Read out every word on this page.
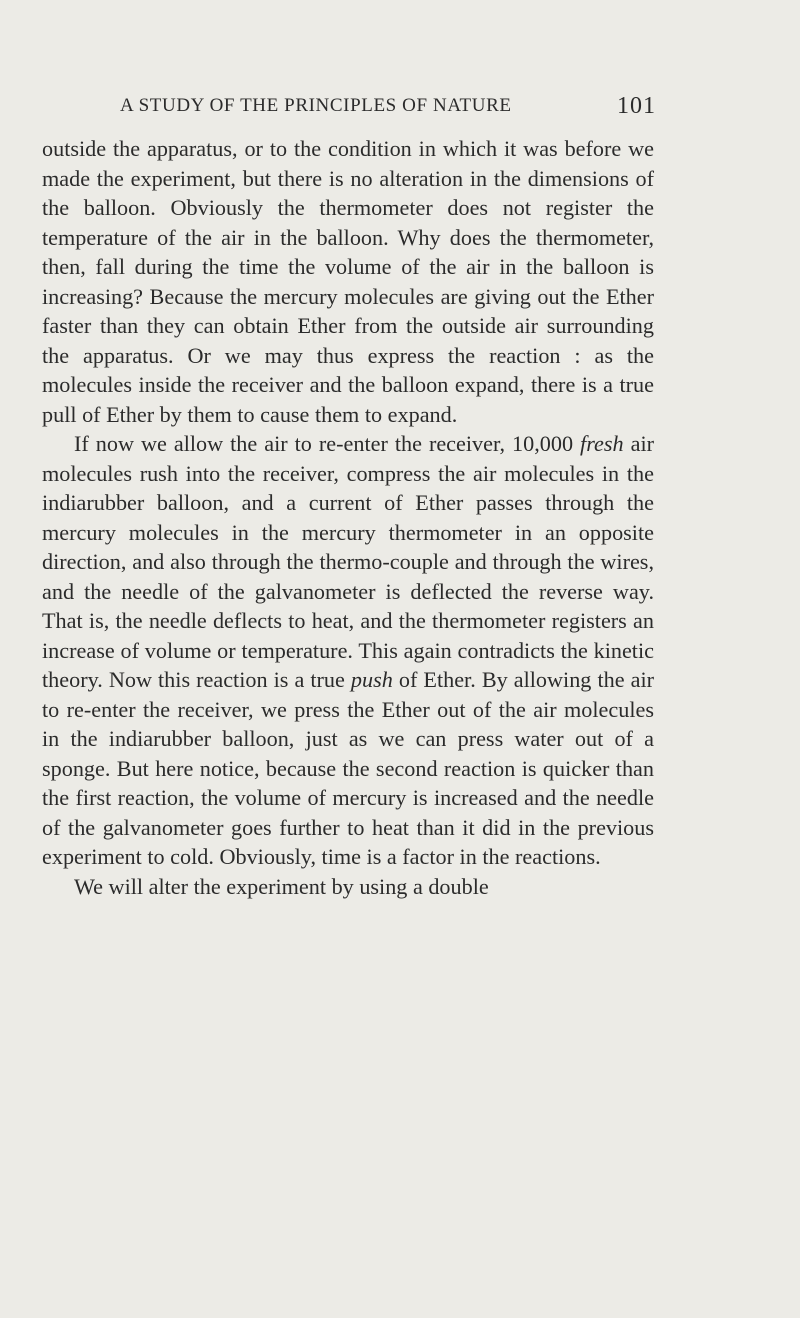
A STUDY OF THE PRINCIPLES OF NATURE	101

outside the apparatus, or to the condition in which it was before we made the experiment, but there is no alteration in the dimensions of the balloon. Obviously the thermometer does not register the temperature of the air in the balloon. Why does the thermometer, then, fall during the time the volume of the air in the balloon is increasing? Because the mercury molecules are giving out the Ether faster than they can obtain Ether from the outside air surrounding the apparatus. Or we may thus express the reaction : as the molecules inside the receiver and the balloon expand, there is a true pull of Ether by them to cause them to expand.

If now we allow the air to re-enter the receiver, 10,000 fresh air molecules rush into the receiver, compress the air molecules in the indiarubber balloon, and a current of Ether passes through the mercury molecules in the mercury thermometer in an opposite direction, and also through the thermo-couple and through the wires, and the needle of the galvanometer is deflected the reverse way. That is, the needle deflects to heat, and the thermometer registers an increase of volume or temperature. This again contradicts the kinetic theory. Now this reaction is a true push of Ether. By allowing the air to re-enter the receiver, we press the Ether out of the air molecules in the indiarubber balloon, just as we can press water out of a sponge. But here notice, because the second reaction is quicker than the first reaction, the volume of mercury is increased and the needle of the galvanometer goes further to heat than it did in the previous experiment to cold. Obviously, time is a factor in the reactions.

We will alter the experiment by using a double
